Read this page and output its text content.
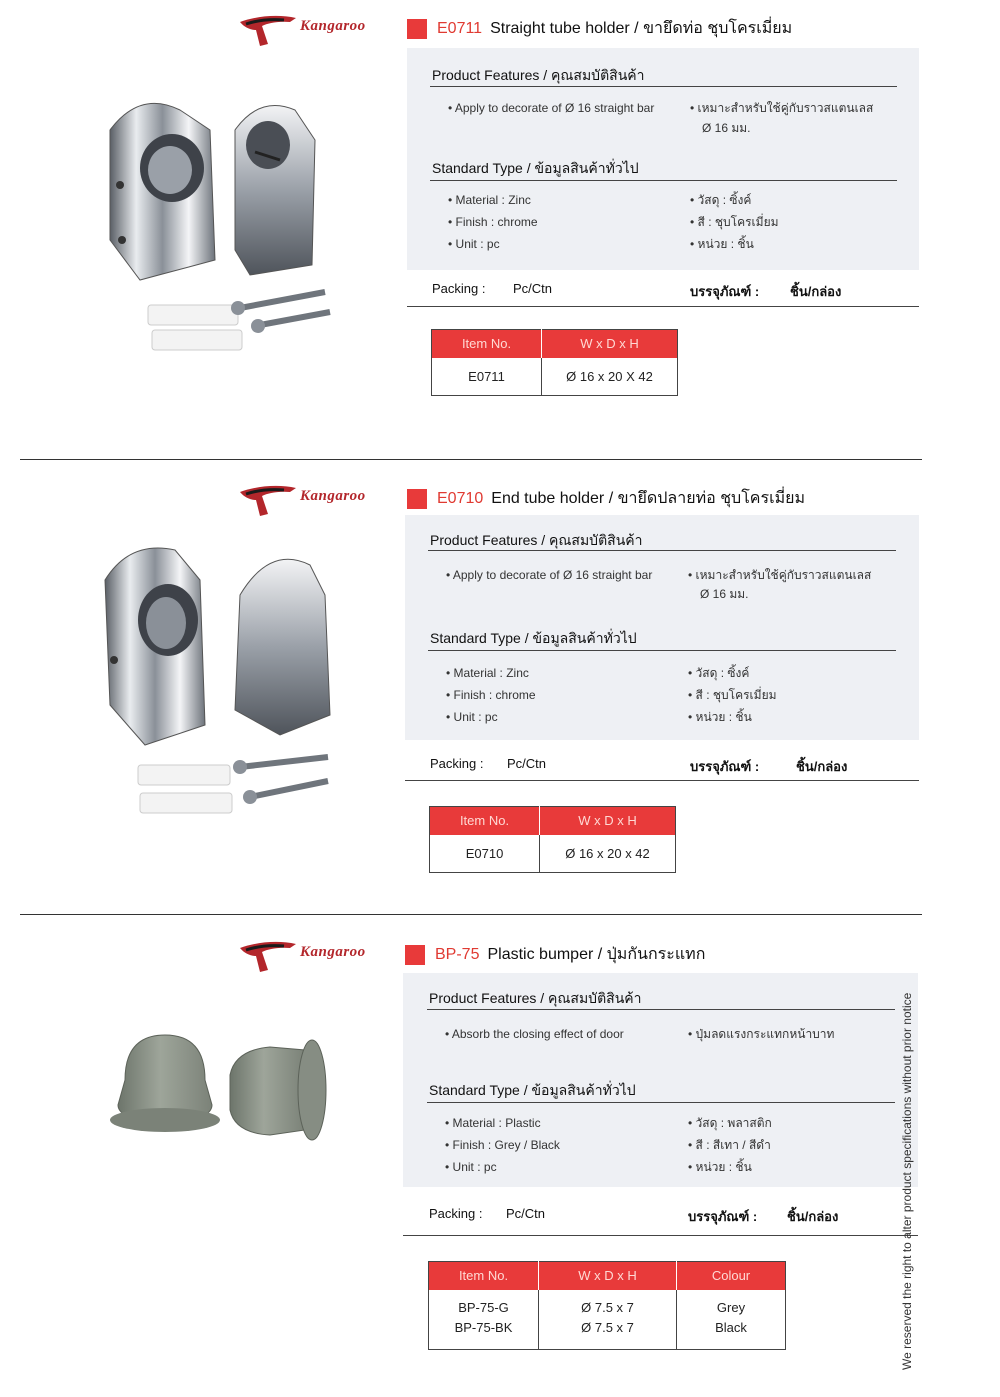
Kangaroo	E0711 Straight tube holder / ขายึดท่อ ชุบโครเมี่ยม
Product Features / คุณสมบัติสินค้า
• Apply to decorate of Ø 16 straight bar	• เหมาะสำหรับใช้คู่กับราวสแตนเลส
Ø 16 มม.
Standard Type / ข้อมูลสินค้าทั่วไป
• Material : Zinc
• Finish : chrome
• Unit : pc
• วัสดุ : ซิ้งค์
• สี : ชุบโครเมี่ยม
• หน่วย : ชิ้น
Packing : Pc/Ctn	บรรจุภัณฑ์ : ชิ้น/กล่อง
Item No.	W x D x H
E0711	Ø 16 x 20 X 42
Kangaroo	E0710 End tube holder / ขายึดปลายท่อ ชุบโครเมี่ยม
Product Features / คุณสมบัติสินค้า
• Apply to decorate of Ø 16 straight bar	• เหมาะสำหรับใช้คู่กับราวสแตนเลส
Ø 16 มม.
Standard Type / ข้อมูลสินค้าทั่วไป
• Material : Zinc
• Finish : chrome
• Unit : pc
• วัสดุ : ซิ้งค์
• สี : ชุบโครเมี่ยม
• หน่วย : ชิ้น
Packing : Pc/Ctn	บรรจุภัณฑ์ :	ชิ้น/กล่อง
Item No.	W x D x H
E0710	Ø 16 x 20 x 42
Kangaroo	BP-75 Plastic bumper / ปุ่มกันกระแทก
Product Features / คุณสมบัติสินค้า
• Absorb the closing effect of door	• ปุ่มลดแรงกระแทกหน้าบาท
Standard Type / ข้อมูลสินค้าทั่วไป
• Material : Plastic
• Finish : Grey / Black
• Unit : pc
• วัสดุ : พลาสติก
• สี : สีเทา / สีดำ
• หน่วย : ชิ้น
Packing : Pc/Ctn	บรรจุภัณฑ์ : ชิ้น/กล่อง
Item No.	W x D x H	Colour
BP-75-G	Ø 7.5 x 7	Grey
BP-75-BK	Ø 7.5 x 7	Black	We reserved the right to alter product specifications without prior notice
